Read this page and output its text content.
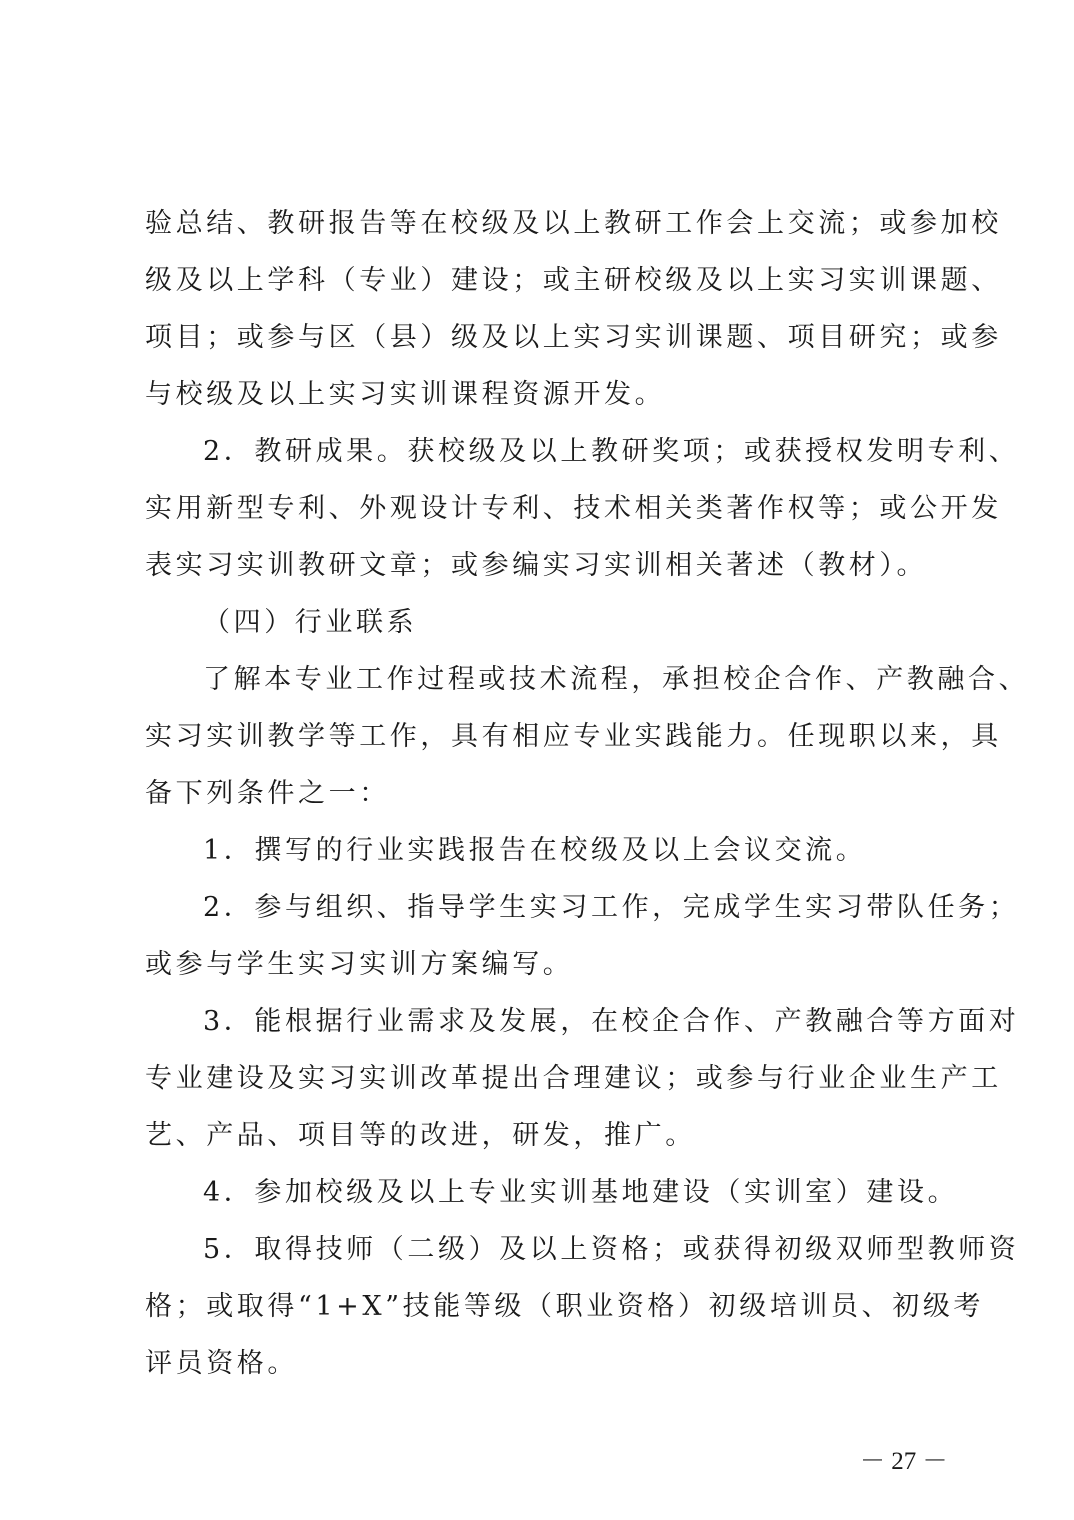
验总结、教研报告等在校级及以上教研工作会上交流；或参加校
级及以上学科（专业）建设；或主研校级及以上实习实训课题、
项目；或参与区（县）级及以上实习实训课题、项目研究；或参
与校级及以上实习实训课程资源开发。
2．教研成果。获校级及以上教研奖项；或获授权发明专利、
实用新型专利、外观设计专利、技术相关类著作权等；或公开发
表实习实训教研文章；或参编实习实训相关著述（教材）。
（四）行业联系
了解本专业工作过程或技术流程，承担校企合作、产教融合、
实习实训教学等工作，具有相应专业实践能力。任现职以来，具
备下列条件之一：
1．撰写的行业实践报告在校级及以上会议交流。
2．参与组织、指导学生实习工作，完成学生实习带队任务；
或参与学生实习实训方案编写。
3．能根据行业需求及发展，在校企合作、产教融合等方面对
专业建设及实习实训改革提出合理建议；或参与行业企业生产工
艺、产品、项目等的改进，研发，推广。
4．参加校级及以上专业实训基地建设（实训室）建设。
5．取得技师（二级）及以上资格；或获得初级双师型教师资
格；或取得“1+X”技能等级（职业资格）初级培训员、初级考
评员资格。
－ 27 －
